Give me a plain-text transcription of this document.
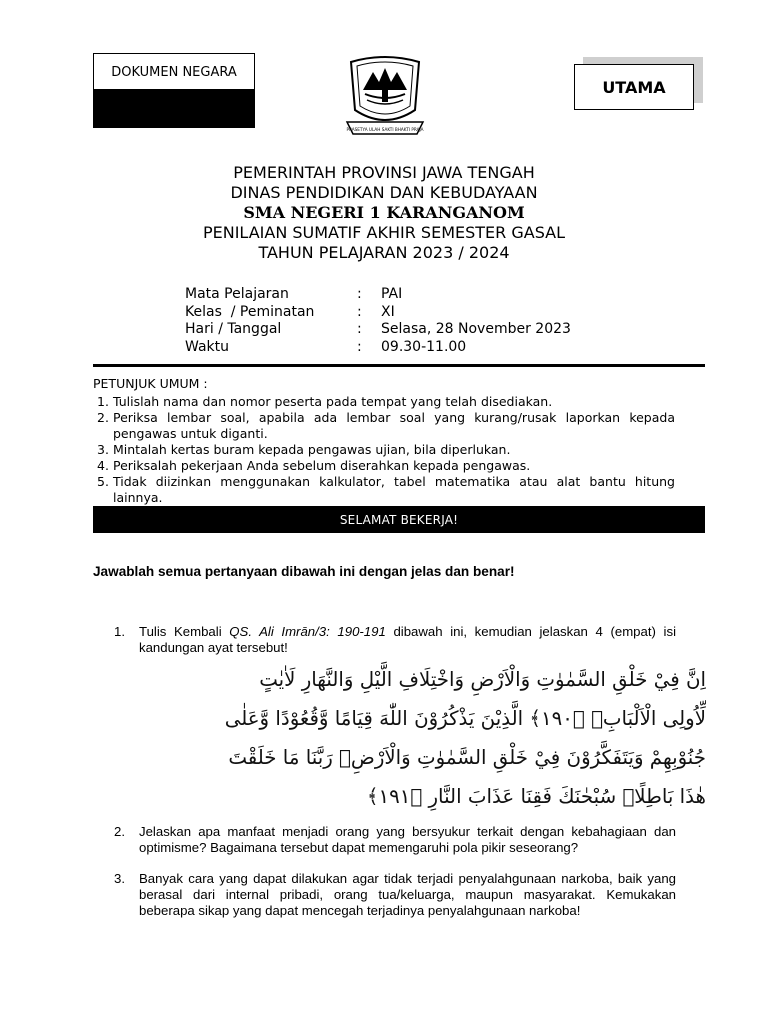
DOKUMEN NEGARA
PRASETYA ULAH SAKTI BHAKTI PRAJA
UTAMA
PEMERINTAH PROVINSI JAWA TENGAH
DINAS PENDIDIKAN DAN KEBUDAYAAN
SMA NEGERI 1 KARANGANOM
PENILAIAN SUMATIF AKHIR SEMESTER GASAL
TAHUN PELAJARAN 2023 / 2024
Mata Pelajaran	:	PAI
Kelas  / Peminatan	:	XI
Hari / Tanggal	:	Selasa, 28 November 2023
Waktu	:	09.30-11.00
PETUNJUK UMUM :
1. Tulislah nama dan nomor peserta pada tempat yang telah disediakan.
2. Periksa lembar soal, apabila ada lembar soal yang kurang/rusak laporkan kepada pengawas untuk diganti.
3. Mintalah kertas buram kepada pengawas ujian, bila diperlukan.
4. Periksalah pekerjaan Anda sebelum diserahkan kepada pengawas.
5. Tidak diizinkan menggunakan kalkulator, tabel matematika atau alat bantu hitung lainnya.
SELAMAT BEKERJA!
Jawablah semua pertanyaan dibawah ini dengan jelas dan benar!
1.	Tulis Kembali QS. Ali Imrān/3: 190-191 dibawah ini, kemudian jelaskan 4 (empat) isi kandungan ayat tersebut!
اِنَّ فِيْ خَلْقِ السَّمٰوٰتِ وَالْاَرْضِ وَاخْتِلَافِ الَّيْلِ وَالنَّهَارِ لَاٰيٰتٍ
لِّاُولِى الْاَلْبَابِۙ ﴿١٩٠﴾ الَّذِيْنَ يَذْكُرُوْنَ اللّٰهَ قِيَامًا وَّقُعُوْدًا وَّعَلٰى
جُنُوْبِهِمْ وَيَتَفَكَّرُوْنَ فِيْ خَلْقِ السَّمٰوٰتِ وَالْاَرْضِۚ رَبَّنَا مَا خَلَقْتَ
هٰذَا بَاطِلًاۚ سُبْحٰنَكَ فَقِنَا عَذَابَ النَّارِ ﴿١٩١﴾
2.	Jelaskan apa manfaat menjadi orang yang bersyukur terkait dengan kebahagiaan dan optimisme? Bagaimana tersebut dapat memengaruhi pola pikir seseorang?
3.	Banyak cara yang dapat dilakukan agar tidak terjadi penyalahgunaan narkoba, baik yang berasal dari internal pribadi, orang tua/keluarga, maupun masyarakat. Kemukakan beberapa sikap yang dapat mencegah terjadinya penyalahgunaan narkoba!
